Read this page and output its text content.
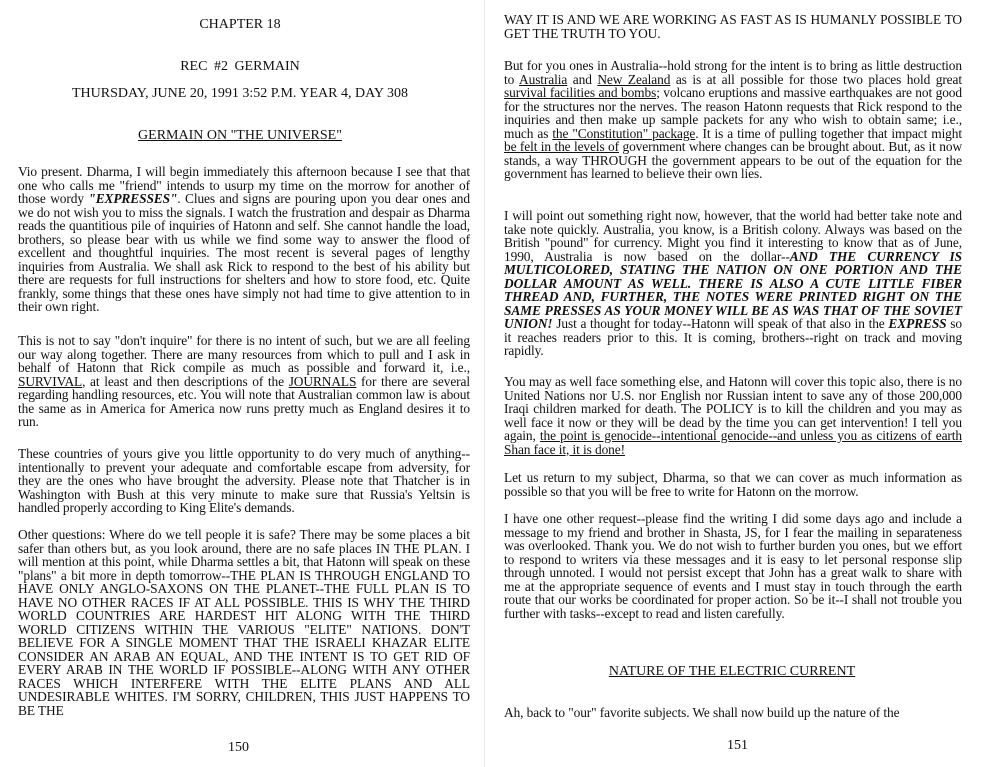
CHAPTER 18
REC #2 GERMAIN
THURSDAY, JUNE 20, 1991 3:52 P.M. YEAR 4, DAY 308
GERMAIN ON "THE UNIVERSE"
Vio present. Dharma, I will begin immediately this afternoon because I see that that one who calls me "friend" intends to usurp my time on the morrow for another of those wordy "EXPRESSES". Clues and signs are pouring upon you dear ones and we do not wish you to miss the signals. I watch the frustration and despair as Dharma reads the quantitious pile of inquiries of Hatonn and self. She cannot handle the load, brothers, so please bear with us while we find some way to answer the flood of excellent and thoughtful inquiries. The most recent is several pages of lengthy inquiries from Australia. We shall ask Rick to respond to the best of his ability but there are requests for full instructions for shelters and how to store food, etc. Quite frankly, some things that these ones have simply not had time to give attention to in their own right.
This is not to say "don't inquire" for there is no intent of such, but we are all feeling our way along together. There are many resources from which to pull and I ask in behalf of Hatonn that Rick compile as much as possible and forward it, i.e., SURVIVAL, at least and then descriptions of the JOURNALS for there are several regarding handling resources, etc. You will note that Australian common law is about the same as in America for America now runs pretty much as England desires it to run.
These countries of yours give you little opportunity to do very much of anything--intentionally to prevent your adequate and comfortable escape from adversity, for they are the ones who have brought the adversity. Please note that Thatcher is in Washington with Bush at this very minute to make sure that Russia's Yeltsin is handled properly according to King Elite's demands.
Other questions: Where do we tell people it is safe? There may be some places a bit safer than others but, as you look around, there are no safe places IN THE PLAN. I will mention at this point, while Dharma settles a bit, that Hatonn will speak on these "plans" a bit more in depth tomorrow--THE PLAN IS THROUGH ENGLAND TO HAVE ONLY ANGLO-SAXONS ON THE PLANET--THE FULL PLAN IS TO HAVE NO OTHER RACES IF AT ALL POSSIBLE. THIS IS WHY THE THIRD WORLD COUNTRIES ARE HARDEST HIT ALONG WITH THE THIRD WORLD CITIZENS WITHIN THE VARIOUS "ELITE" NATIONS. DON'T BELIEVE FOR A SINGLE MOMENT THAT THE ISRAELI KHAZAR ELITE CONSIDER AN ARAB AN EQUAL, AND THE INTENT IS TO GET RID OF EVERY ARAB IN THE WORLD IF POSSIBLE--ALONG WITH ANY OTHER RACES WHICH INTERFERE WITH THE ELITE PLANS AND ALL UNDESIRABLE WHITES. I'M SORRY, CHILDREN, THIS JUST HAPPENS TO BE THE
150
WAY IT IS AND WE ARE WORKING AS FAST AS IS HUMANLY POSSIBLE TO GET THE TRUTH TO YOU.
But for you ones in Australia--hold strong for the intent is to bring as little destruction to Australia and New Zealand as is at all possible for those two places hold great survival facilities and bombs; volcano eruptions and massive earthquakes are not good for the structures nor the nerves. The reason Hatonn requests that Rick respond to the inquiries and then make up sample packets for any who wish to obtain same; i.e., much as the "Constitution" package. It is a time of pulling together that impact might be felt in the levels of government where changes can be brought about. But, as it now stands, a way THROUGH the government appears to be out of the equation for the government has learned to believe their own lies.
I will point out something right now, however, that the world had better take note and take note quickly. Australia, you know, is a British colony. Always was based on the British "pound" for currency. Might you find it interesting to know that as of June, 1990, Australia is now based on the dollar--AND THE CURRENCY IS MULTICOLORED, STATING THE NATION ON ONE PORTION AND THE DOLLAR AMOUNT AS WELL. THERE IS ALSO A CUTE LITTLE FIBER THREAD AND, FURTHER, THE NOTES WERE PRINTED RIGHT ON THE SAME PRESSES AS YOUR MONEY WILL BE AS WAS THAT OF THE SOVIET UNION! Just a thought for today--Hatonn will speak of that also in the EXPRESS so it reaches readers prior to this. It is coming, brothers--right on track and moving rapidly.
You may as well face something else, and Hatonn will cover this topic also, there is no United Nations nor U.S. nor English nor Russian intent to save any of those 200,000 Iraqi children marked for death. The POLICY is to kill the children and you may as well face it now or they will be dead by the time you can get intervention! I tell you again, the point is genocide--intentional genocide--and unless you as citizens of earth Shan face it, it is done!
Let us return to my subject, Dharma, so that we can cover as much information as possible so that you will be free to write for Hatonn on the morrow.
I have one other request--please find the writing I did some days ago and include a message to my friend and brother in Shasta, JS, for I fear the mailing in separateness was overlooked. Thank you. We do not wish to further burden you ones, but we effort to respond to writers via these messages and it is easy to let personal response slip through unnoted. I would not persist except that John has a great walk to share with me at the appropriate sequence of events and I must stay in touch through the earth route that our works be coordinated for proper action. So be it--I shall not trouble you further with tasks--except to read and listen carefully.
NATURE OF THE ELECTRIC CURRENT
Ah, back to "our" favorite subjects. We shall now build up the nature of the
151
